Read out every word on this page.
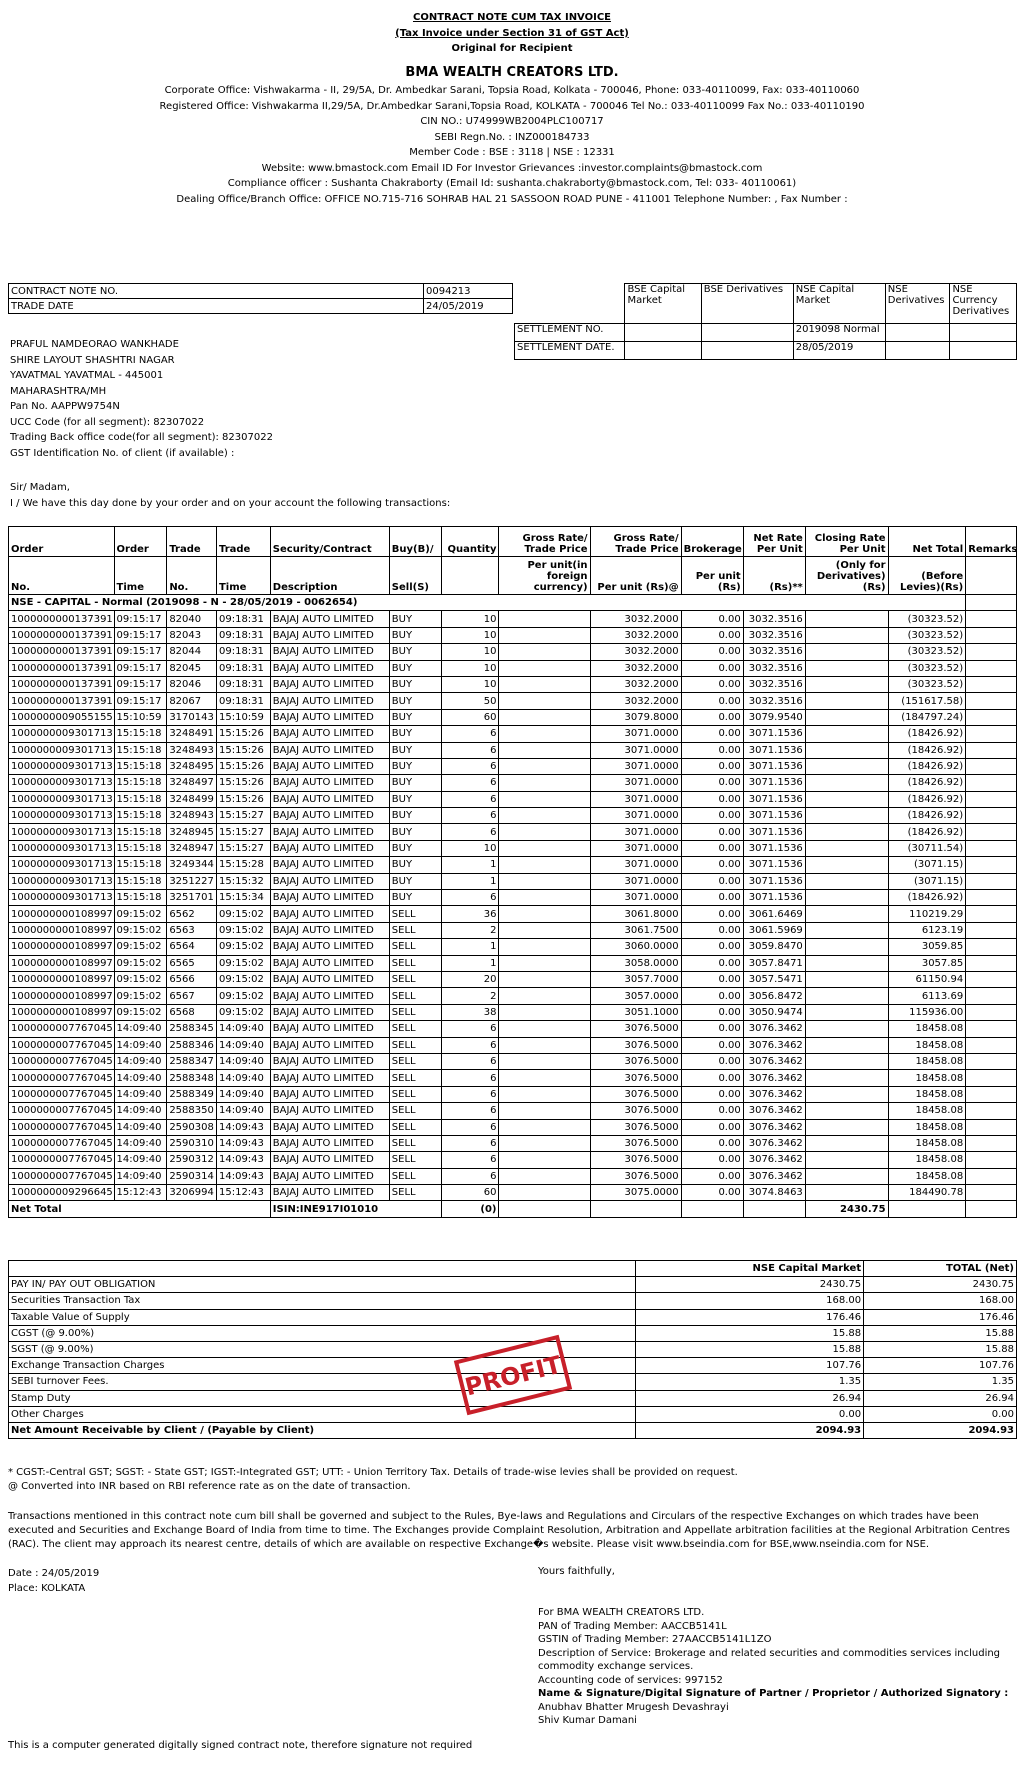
CONTRACT NOTE CUM TAX INVOICE
(Tax Invoice under Section 31 of GST Act)
Original for Recipient
BMA WEALTH CREATORS LTD.
Corporate Office: Vishwakarma - II, 29/5A, Dr. Ambedkar Sarani, Topsia Road, Kolkata - 700046, Phone: 033-40110099, Fax: 033-40110060
Registered Office: Vishwakarma II,29/5A, Dr.Ambedkar Sarani,Topsia Road, KOLKATA - 700046 Tel No.: 033-40110099 Fax No.: 033-40110190
CIN NO.: U74999WB2004PLC100717
SEBI Regn.No. : INZ000184733
Member Code : BSE : 3118 | NSE : 12331
Website: www.bmastock.com Email ID For Investor Grievances :investor.complaints@bmastock.com
Compliance officer : Sushanta Chakraborty (Email Id: sushanta.chakraborty@bmastock.com, Tel: 033- 40110061)
Dealing Office/Branch Office: OFFICE NO.715-716 SOHRAB HAL 21 SASSOON ROAD PUNE - 411001 Telephone Number: , Fax Number :
CONTRACT NOTE NO.	0094213
TRADE DATE	24/05/2019
	BSE Capital Market	BSE Derivatives	NSE Capital Market	NSE Derivatives	NSE Currency Derivatives
SETTLEMENT NO.			2019098 Normal		
SETTLEMENT DATE.			28/05/2019		
PRAFUL NAMDEORAO WANKHADE
SHIRE LAYOUT SHASHTRI NAGAR
YAVATMAL YAVATMAL - 445001
MAHARASHTRA/MH
Pan No. AAPPW9754N
UCC Code (for all segment): 82307022
Trading Back office code(for all segment): 82307022
GST Identification No. of client (if available) :
Sir/ Madam,
I / We have this day done by your order and on your account the following transactions:
Order	Order	Trade	Trade	Security/Contract	Buy(B)/	Quantity	Gross Rate/ Trade Price	Gross Rate/ Trade Price	Brokerage	Net Rate Per Unit	Closing Rate Per Unit	Net Total	Remarks
No.	Time	No.	Time	Description	Sell(S)		Per unit(in foreign currency)	Per unit (Rs)@	Per unit (Rs)	(Rs)**	(Only for Derivatives) (Rs)	(Before Levies)(Rs)	
NSE - CAPITAL - Normal (2019098 - N - 28/05/2019 - 0062654)													
1000000000137391	09:15:17	82040	09:18:31	BAJAJ AUTO LIMITED	BUY	10		3032.2000	0.00	3032.3516		(30323.52)	
1000000000137391	09:15:17	82043	09:18:31	BAJAJ AUTO LIMITED	BUY	10		3032.2000	0.00	3032.3516		(30323.52)	
1000000000137391	09:15:17	82044	09:18:31	BAJAJ AUTO LIMITED	BUY	10		3032.2000	0.00	3032.3516		(30323.52)	
1000000000137391	09:15:17	82045	09:18:31	BAJAJ AUTO LIMITED	BUY	10		3032.2000	0.00	3032.3516		(30323.52)	
1000000000137391	09:15:17	82046	09:18:31	BAJAJ AUTO LIMITED	BUY	10		3032.2000	0.00	3032.3516		(30323.52)	
1000000000137391	09:15:17	82067	09:18:31	BAJAJ AUTO LIMITED	BUY	50		3032.2000	0.00	3032.3516		(151617.58)	
1000000009055155	15:10:59	3170143	15:10:59	BAJAJ AUTO LIMITED	BUY	60		3079.8000	0.00	3079.9540		(184797.24)	
1000000009301713	15:15:18	3248491	15:15:26	BAJAJ AUTO LIMITED	BUY	6		3071.0000	0.00	3071.1536		(18426.92)	
1000000009301713	15:15:18	3248493	15:15:26	BAJAJ AUTO LIMITED	BUY	6		3071.0000	0.00	3071.1536		(18426.92)	
1000000009301713	15:15:18	3248495	15:15:26	BAJAJ AUTO LIMITED	BUY	6		3071.0000	0.00	3071.1536		(18426.92)	
1000000009301713	15:15:18	3248497	15:15:26	BAJAJ AUTO LIMITED	BUY	6		3071.0000	0.00	3071.1536		(18426.92)	
1000000009301713	15:15:18	3248499	15:15:26	BAJAJ AUTO LIMITED	BUY	6		3071.0000	0.00	3071.1536		(18426.92)	
1000000009301713	15:15:18	3248943	15:15:27	BAJAJ AUTO LIMITED	BUY	6		3071.0000	0.00	3071.1536		(18426.92)	
1000000009301713	15:15:18	3248945	15:15:27	BAJAJ AUTO LIMITED	BUY	6		3071.0000	0.00	3071.1536		(18426.92)	
1000000009301713	15:15:18	3248947	15:15:27	BAJAJ AUTO LIMITED	BUY	10		3071.0000	0.00	3071.1536		(30711.54)	
1000000009301713	15:15:18	3249344	15:15:28	BAJAJ AUTO LIMITED	BUY	1		3071.0000	0.00	3071.1536		(3071.15)	
1000000009301713	15:15:18	3251227	15:15:32	BAJAJ AUTO LIMITED	BUY	1		3071.0000	0.00	3071.1536		(3071.15)	
1000000009301713	15:15:18	3251701	15:15:34	BAJAJ AUTO LIMITED	BUY	6		3071.0000	0.00	3071.1536		(18426.92)	
1000000000108997	09:15:02	6562	09:15:02	BAJAJ AUTO LIMITED	SELL	36		3061.8000	0.00	3061.6469		110219.29	
1000000000108997	09:15:02	6563	09:15:02	BAJAJ AUTO LIMITED	SELL	2		3061.7500	0.00	3061.5969		6123.19	
1000000000108997	09:15:02	6564	09:15:02	BAJAJ AUTO LIMITED	SELL	1		3060.0000	0.00	3059.8470		3059.85	
1000000000108997	09:15:02	6565	09:15:02	BAJAJ AUTO LIMITED	SELL	1		3058.0000	0.00	3057.8471		3057.85	
1000000000108997	09:15:02	6566	09:15:02	BAJAJ AUTO LIMITED	SELL	20		3057.7000	0.00	3057.5471		61150.94	
1000000000108997	09:15:02	6567	09:15:02	BAJAJ AUTO LIMITED	SELL	2		3057.0000	0.00	3056.8472		6113.69	
1000000000108997	09:15:02	6568	09:15:02	BAJAJ AUTO LIMITED	SELL	38		3051.1000	0.00	3050.9474		115936.00	
1000000007767045	14:09:40	2588345	14:09:40	BAJAJ AUTO LIMITED	SELL	6		3076.5000	0.00	3076.3462		18458.08	
1000000007767045	14:09:40	2588346	14:09:40	BAJAJ AUTO LIMITED	SELL	6		3076.5000	0.00	3076.3462		18458.08	
1000000007767045	14:09:40	2588347	14:09:40	BAJAJ AUTO LIMITED	SELL	6		3076.5000	0.00	3076.3462		18458.08	
1000000007767045	14:09:40	2588348	14:09:40	BAJAJ AUTO LIMITED	SELL	6		3076.5000	0.00	3076.3462		18458.08	
1000000007767045	14:09:40	2588349	14:09:40	BAJAJ AUTO LIMITED	SELL	6		3076.5000	0.00	3076.3462		18458.08	
1000000007767045	14:09:40	2588350	14:09:40	BAJAJ AUTO LIMITED	SELL	6		3076.5000	0.00	3076.3462		18458.08	
1000000007767045	14:09:40	2590308	14:09:43	BAJAJ AUTO LIMITED	SELL	6		3076.5000	0.00	3076.3462		18458.08	
1000000007767045	14:09:40	2590310	14:09:43	BAJAJ AUTO LIMITED	SELL	6		3076.5000	0.00	3076.3462		18458.08	
1000000007767045	14:09:40	2590312	14:09:43	BAJAJ AUTO LIMITED	SELL	6		3076.5000	0.00	3076.3462		18458.08	
1000000007767045	14:09:40	2590314	14:09:43	BAJAJ AUTO LIMITED	SELL	6		3076.5000	0.00	3076.3462		18458.08	
1000000009296645	15:12:43	3206994	15:12:43	BAJAJ AUTO LIMITED	SELL	60		3075.0000	0.00	3074.8463		184490.78	
Net Total				ISIN:INE917I01010		(0)					2430.75		
	NSE Capital Market	TOTAL (Net)
PAY IN/ PAY OUT OBLIGATION	2430.75	2430.75
Securities Transaction Tax	168.00	168.00
Taxable Value of Supply	176.46	176.46
CGST (@ 9.00%)	15.88	15.88
SGST (@ 9.00%)	15.88	15.88
Exchange Transaction Charges	107.76	107.76
SEBI turnover Fees.	1.35	1.35
Stamp Duty	26.94	26.94
Other Charges	0.00	0.00
Net Amount Receivable by Client / (Payable by Client)	2094.93	2094.93
PROFIT
* CGST:-Central GST; SGST: - State GST; IGST:-Integrated GST; UTT: - Union Territory Tax. Details of trade-wise levies shall be provided on request.
@ Converted into INR based on RBI reference rate as on the date of transaction.
Transactions mentioned in this contract note cum bill shall be governed and subject to the Rules, Bye-laws and Regulations and Circulars of the respective Exchanges on which trades have been executed and Securities and Exchange Board of India from time to time. The Exchanges provide Complaint Resolution, Arbitration and Appellate arbitration facilities at the Regional Arbitration Centres (RAC). The client may approach its nearest centre, details of which are available on respective Exchange�s website. Please visit www.bseindia.com for BSE,www.nseindia.com for NSE.
Date : 24/05/2019
Place: KOLKATA
Yours faithfully,
For BMA WEALTH CREATORS LTD.
PAN of Trading Member: AACCB5141L
GSTIN of Trading Member: 27AACCB5141L1ZO
Description of Service: Brokerage and related securities and commodities services including commodity exchange services.
Accounting code of services: 997152
Name & Signature/Digital Signature of Partner / Proprietor / Authorized Signatory :
Anubhav Bhatter Mrugesh Devashrayi
Shiv Kumar Damani
This is a computer generated digitally signed contract note, therefore signature not required
